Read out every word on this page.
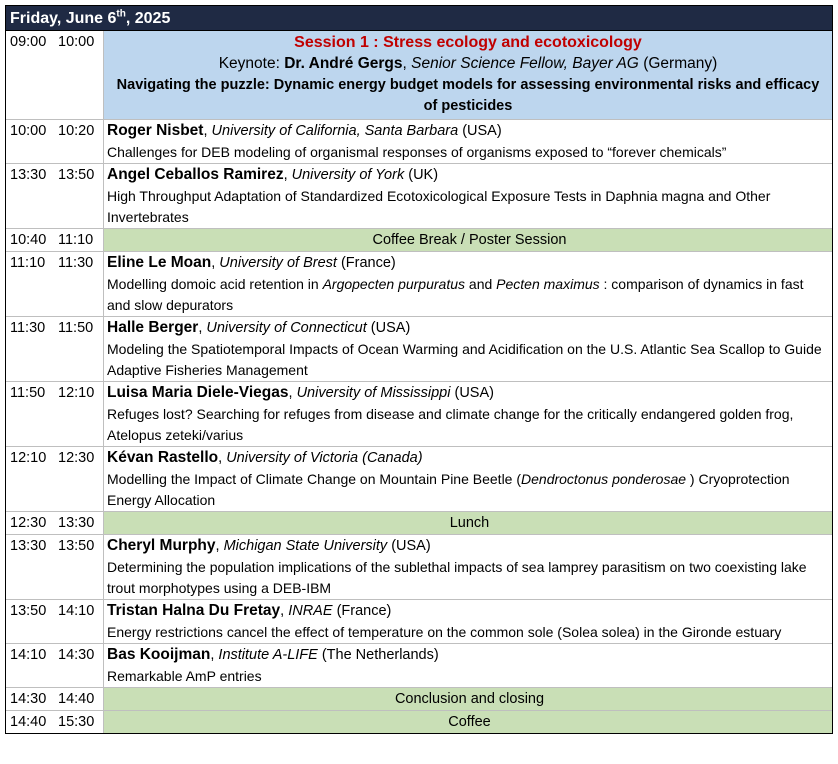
Friday, June 6th, 2025
09:00 10:00	Session 1 : Stress ecology and ecotoxicology
Keynote: Dr. André Gergs, Senior Science Fellow, Bayer AG (Germany)
Navigating the puzzle: Dynamic energy budget models for assessing environmental risks and efficacy of pesticides
10:00 10:20 Roger Nisbet, University of California, Santa Barbara (USA)
Challenges for DEB modeling of organismal responses of organisms exposed to “forever chemicals”
13:30 13:50 Angel Ceballos Ramirez, University of York (UK)
High Throughput Adaptation of Standardized Ecotoxicological Exposure Tests in Daphnia magna and Other Invertebrates
10:40 11:10	Coffee Break / Poster Session
11:10 11:30 Eline Le Moan, University of Brest (France)
Modelling domoic acid retention in Argopecten purpuratus and Pecten maximus : comparison of dynamics in fast and slow depurators
11:30 11:50 Halle Berger, University of Connecticut (USA)
Modeling the Spatiotemporal Impacts of Ocean Warming and Acidification on the U.S. Atlantic Sea Scallop to Guide Adaptive Fisheries Management
11:50 12:10 Luisa Maria Diele-Viegas, University of Mississippi (USA)
Refuges lost? Searching for refuges from disease and climate change for the critically endangered golden frog, Atelopus zeteki/varius
12:10 12:30 Kévan Rastello, University of Victoria (Canada)
Modelling the Impact of Climate Change on Mountain Pine Beetle (Dendroctonus ponderosae ) Cryoprotection Energy Allocation
12:30 13:30	Lunch
13:30 13:50 Cheryl Murphy, Michigan State University (USA)
Determining the population implications of the sublethal impacts of sea lamprey parasitism on two coexisting lake trout morphotypes using a DEB-IBM
13:50 14:10 Tristan Halna Du Fretay, INRAE (France)
Energy restrictions cancel the effect of temperature on the common sole (Solea solea) in the Gironde estuary
14:10 14:30 Bas Kooijman, Institute A-LIFE (The Netherlands)
Remarkable AmP entries
14:30 14:40	Conclusion and closing
14:40 15:30	Coffee
